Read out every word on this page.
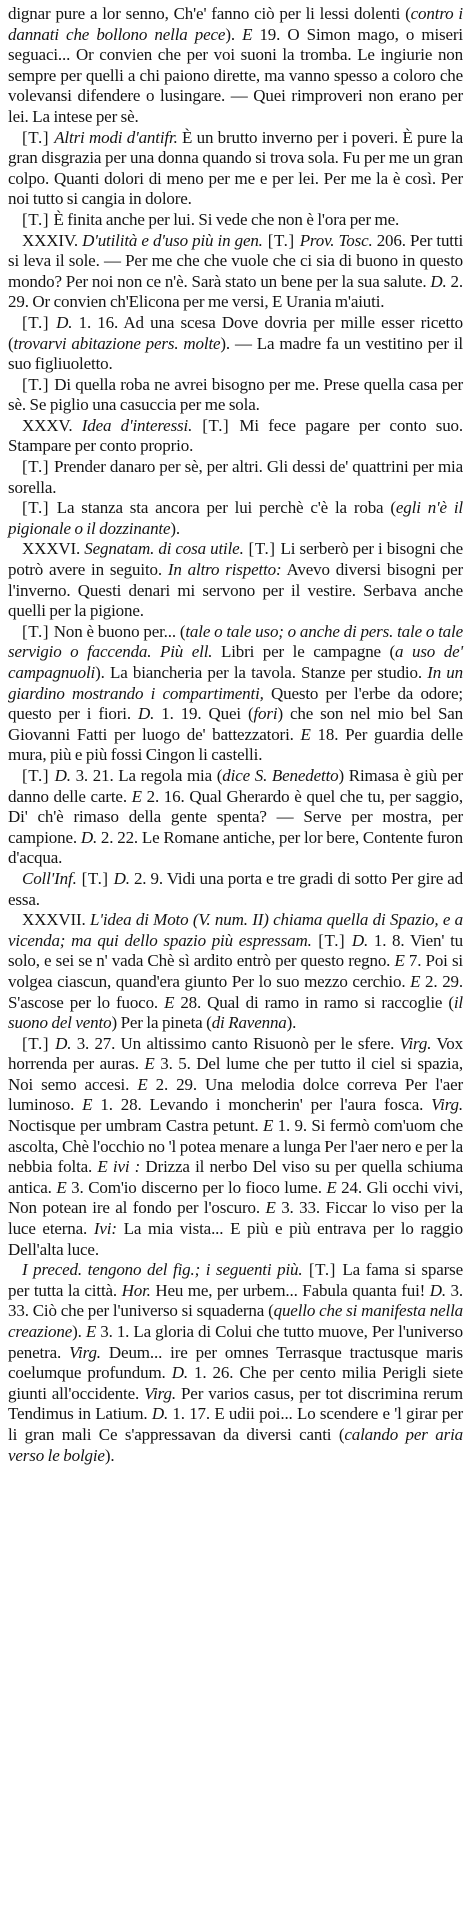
dignar pure a lor senno, Ch'e' fanno ciò per li lessi dolenti (contro i dannati che bollono nella pece). E 19. O Simon mago, o miseri seguaci... Or convien che per voi suoni la tromba. Le ingiurie non sempre per quelli a chi paiono dirette, ma vanno spesso a coloro che volevansi difendere o lusingare. — Quei rimproveri non erano per lei. La intese per sè.

[T.] Altri modi d'antifr. È un brutto inverno per i poveri. È pure la gran disgrazia per una donna quando si trova sola. Fu per me un gran colpo. Quanti dolori di meno per me e per lei. Per me la è così. Per noi tutto si cangia in dolore.

[T.] È finita anche per lui. Si vede che non è l'ora per me.

XXXIV. D'utilità e d'uso più in gen. [T.] Prov. Tosc. 206. Per tutti si leva il sole. — Per me che che vuole che ci sia di buono in questo mondo? Per noi non ce n'è. Sarà stato un bene per la sua salute. D. 2. 29. Or convien ch'Elicona per me versi, E Urania m'aiuti.

[T.] D. 1. 16. Ad una scesa Dove dovria per mille esser ricetto (trovarvi abitazione pers. molte). — La madre fa un vestitino per il suo figliuoletto.

[T.] Di quella roba ne avrei bisogno per me. Prese quella casa per sè. Se piglio una casuccia per me sola.

XXXV. Idea d'interessi. [T.] Mi fece pagare per conto suo. Stampare per conto proprio.

[T.] Prender danaro per sè, per altri. Gli dessi de' quattrini per mia sorella.

[T.] La stanza sta ancora per lui perchè c'è la roba (egli n'è il pigionale o il dozzinante).

XXXVI. Segnatam. di cosa utile. [T.] Li serberò per i bisogni che potrò avere in seguito. In altro rispetto: Avevo diversi bisogni per l'inverno. Questi denari mi servono per il vestire. Serbava anche quelli per la pigione.

[T.] Non è buono per... (tale o tale uso; o anche di pers. tale o tale servigio o faccenda. Più ell. Libri per le campagne (a uso de' campagnuoli). La biancheria per la tavola. Stanze per studio. In un giardino mostrando i compartimenti, Questo per l'erbe da odore; questo per i fiori. D. 1. 19. Quei (fori) che son nel mio bel San Giovanni Fatti per luogo de' battezzatori. E 18. Per guardia delle mura, più e più fossi Cingon li castelli.

[T.] D. 3. 21. La regola mia (dice S. Benedetto) Rimasa è giù per danno delle carte. E 2. 16. Qual Gherardo è quel che tu, per saggio, Di' ch'è rimaso della gente spenta? — Serve per mostra, per campione. D. 2. 22. Le Romane antiche, per lor bere, Contente furon d'acqua.

Coll'Inf. [T.] D. 2. 9. Vidi una porta e tre gradi di sotto Per gire ad essa.

XXXVII. L'idea di Moto (V. num. II) chiama quella di Spazio, e a vicenda; ma qui dello spazio più espressam. [T.] D. 1. 8. Vien' tu solo, e sei se n' vada Chè sì ardito entrò per questo regno. E 7. Poi si volgea ciascun, quand'era giunto Per lo suo mezzo cerchio. E 2. 29. S'ascose per lo fuoco. E 28. Qual di ramo in ramo si raccoglie (il suono del vento) Per la pineta (di Ravenna).

[T.] D. 3. 27. Un altissimo canto Risuonò per le sfere. Virg. Vox horrenda per auras. E 3. 5. Del lume che per tutto il ciel si spazia, Noi semo accesi. E 2. 29. Una melodia dolce correva Per l'aer luminoso. E 1. 28. Levando i moncherin' per l'aura fosca. Virg. Noctisque per umbram Castra petunt. E 1. 9. Si fermò com'uom che ascolta, Chè l'occhio no 'l potea menare a lunga Per l'aer nero e per la nebbia folta. E ivi : Drizza il nerbo Del viso su per quella schiuma antica. E 3. Com'io discerno per lo fioco lume. E 24. Gli occhi vivi, Non potean ire al fondo per l'oscuro. E 3. 33. Ficcar lo viso per la luce eterna. Ivi: La mia vista... E più e più entrava per lo raggio Dell'alta luce.

I preced. tengono del fig.; i seguenti più. [T.] La fama si sparse per tutta la città. Hor. Heu me, per urbem... Fabula quanta fui! D. 3. 33. Ciò che per l'universo si squaderna (quello che si manifesta nella creazione). E 3. 1. La gloria di Colui che tutto muove, Per l'universo penetra. Virg. Deum... ire per omnes Terrasque tractusque maris coelumque profundum. D. 1. 26. Che per cento milia Perigli siete giunti all'occidente. Virg. Per varios casus, per tot discrimina rerum Tendimus in Latium. D. 1. 17. E udii poi... Lo scendere e 'l girar per li gran mali Ce s'appressavan da diversi canti (calando per aria verso le bolgie).
